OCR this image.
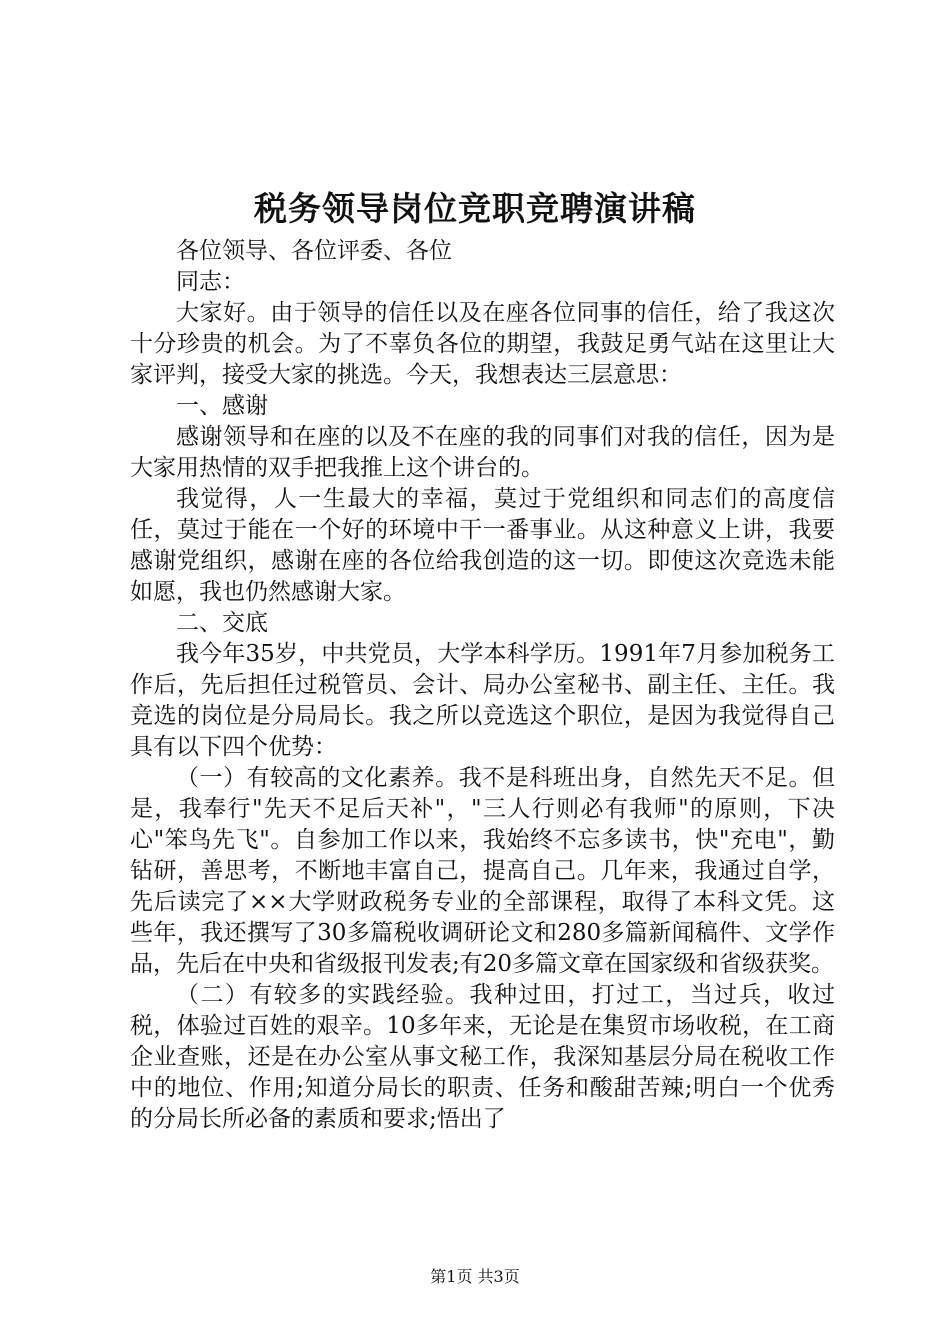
税务领导岗位竞职竞聘演讲稿

各位领导、各位评委、各位

同志：

大家好。由于领导的信任以及在座各位同事的信任，给了我这次十分珍贵的机会。为了不辜负各位的期望，我鼓足勇气站在这里让大家评判，接受大家的挑选。今天，我想表达三层意思：

一、感谢

感谢领导和在座的以及不在座的我的同事们对我的信任，因为是大家用热情的双手把我推上这个讲台的。

我觉得，人一生最大的幸福，莫过于党组织和同志们的高度信任，莫过于能在一个好的环境中干一番事业。从这种意义上讲，我要感谢党组织，感谢在座的各位给我创造的这一切。即使这次竞选未能如愿，我也仍然感谢大家。

二、交底

我今年35岁，中共党员，大学本科学历。1991年7月参加税务工作后，先后担任过税管员、会计、局办公室秘书、副主任、主任。我竞选的岗位是分局局长。我之所以竞选这个职位，是因为我觉得自己具有以下四个优势：

（一）有较高的文化素养。我不是科班出身，自然先天不足。但是，我奉行"先天不足后天补"，"三人行则必有我师"的原则，下决心"笨鸟先飞"。自参加工作以来，我始终不忘多读书，快"充电"，勤钻研，善思考，不断地丰富自己，提高自己。几年来，我通过自学，先后读完了××大学财政税务专业的全部课程，取得了本科文凭。这些年，我还撰写了30多篇税收调研论文和280多篇新闻稿件、文学作品，先后在中央和省级报刊发表;有20多篇文章在国家级和省级获奖。

（二）有较多的实践经验。我种过田，打过工，当过兵，收过税，体验过百姓的艰辛。10多年来，无论是在集贸市场收税，在工商企业查账，还是在办公室从事文秘工作，我深知基层分局在税收工作中的地位、作用;知道分局长的职责、任务和酸甜苦辣;明白一个优秀的分局长所必备的素质和要求;悟出了

第1页 共3页
